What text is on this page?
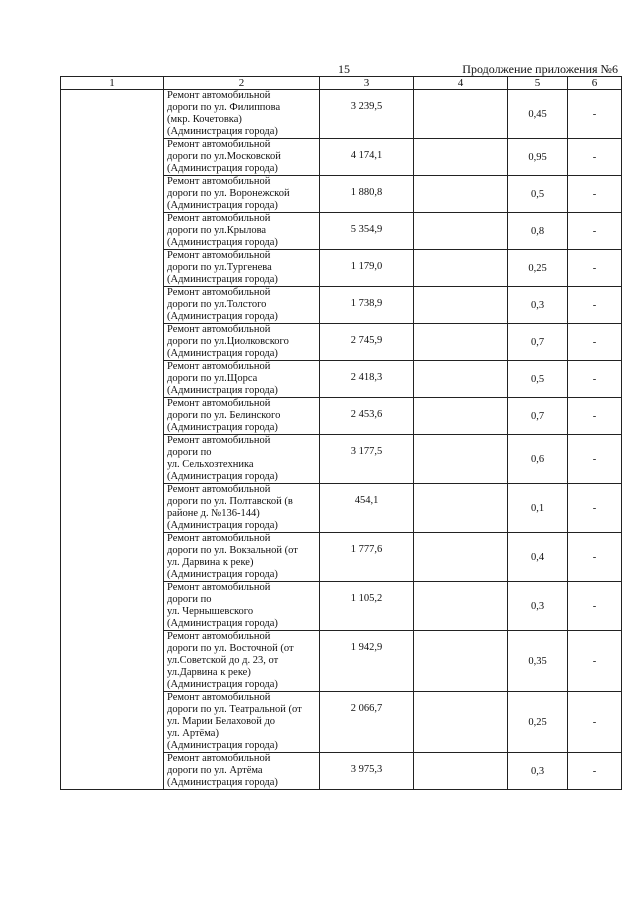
15	Продолжение приложения №6
1	2	3	4	5	6

	Ремонт автомобильной
дороги по ул. Филиппова
(мкр. Кочетовка)
(Администрация города)	3 239,5		0,45	-

	Ремонт автомобильной
дороги по ул.Московской
(Администрация города)	4 174,1		0,95	-

	Ремонт автомобильной
дороги по ул. Воронежской
(Администрация города)	1 880,8		0,5	-

	Ремонт автомобильной
дороги по ул.Крылова
(Администрация города)	5 354,9		0,8	-

	Ремонт автомобильной
дороги по ул.Тургенева
(Администрация города)	1 179,0		0,25	-

	Ремонт автомобильной
дороги по ул.Толстого
(Администрация города)	1 738,9		0,3	-

	Ремонт автомобильной
дороги по ул.Циолковского
(Администрация города)	2 745,9		0,7	-

	Ремонт автомобильной
дороги по ул.Щорса
(Администрация города)	2 418,3		0,5	-

	Ремонт автомобильной
дороги по ул. Белинского
(Администрация города)	2 453,6		0,7	-

	Ремонт автомобильной
дороги по
ул. Сельхозтехника
(Администрация города)	3 177,5		0,6	-

	Ремонт автомобильной
дороги по ул. Полтавской (в
районе д. №136-144)
(Администрация города)	454,1		0,1	-

	Ремонт автомобильной
дороги по ул. Вокзальной (от
ул. Дарвина к реке)
(Администрация города)	1 777,6		0,4	-

	Ремонт автомобильной
дороги по
ул. Чернышевского
(Администрация города)	1 105,2		0,3	-

	Ремонт автомобильной
дороги по ул. Восточной (от
ул.Советской до д. 23, от
ул.Дарвина к реке)
(Администрация города)	1 942,9		0,35	-

	Ремонт автомобильной
дороги по ул. Театральной (от
ул. Марии Белаховой до
ул. Артёма)
(Администрация города)	2 066,7		0,25	-

	Ремонт автомобильной
дороги по ул. Артёма
(Администрация города)	3 975,3		0,3	-
